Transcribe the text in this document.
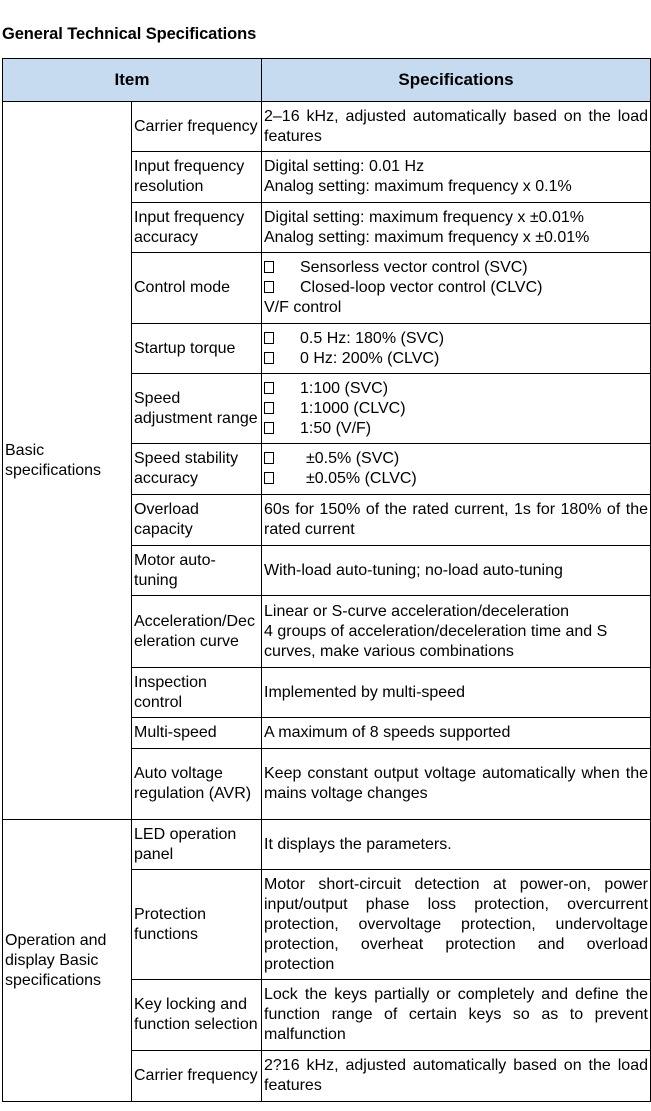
General Technical Specifications
Item		Specifications
Basic specifications	Carrier frequency	2–16 kHz, adjusted automatically based on the load features

	Input frequency resolution	Digital setting: 0.01 Hz
Analog setting: maximum frequency x 0.1%

	Input frequency accuracy	Digital setting: maximum frequency x ±0.01%
Analog setting: maximum frequency x ±0.01%

	Control mode	Sensorless vector control (SVC)
Closed-loop vector control (CLVC)
V/F control

	Startup torque	0.5 Hz: 180% (SVC)
0 Hz: 200% (CLVC)

	Speed adjustment range	1:100 (SVC)
1:1000 (CLVC)
1:50 (V/F)

	Speed stability accuracy	±0.5% (SVC)
±0.05% (CLVC)

	Overload capacity	60s for 150% of the rated current, 1s for 180% of the rated current

	Motor auto-tuning	With-load auto-tuning; no-load auto-tuning
	Acceleration/Deceleration curve	Linear or S-curve acceleration/deceleration
4 groups of acceleration/deceleration time and S curves, make various combinations

	Inspection control	Implemented by multi-speed
	Multi-speed	A maximum of 8 speeds supported
	Auto voltage regulation (AVR)	Keep constant output voltage automatically when the mains voltage changes

Operation and display Basic specifications	LED operation panel	It displays the parameters.
	Protection functions	Motor short-circuit detection at power-on, power input/output phase loss protection, overcurrent protection, overvoltage protection, undervoltage protection, overheat protection and overload protection

	Key locking and function selection	Lock the keys partially or completely and define the function range of certain keys so as to prevent malfunction

	Carrier frequency	2?16 kHz, adjusted automatically based on the load features
